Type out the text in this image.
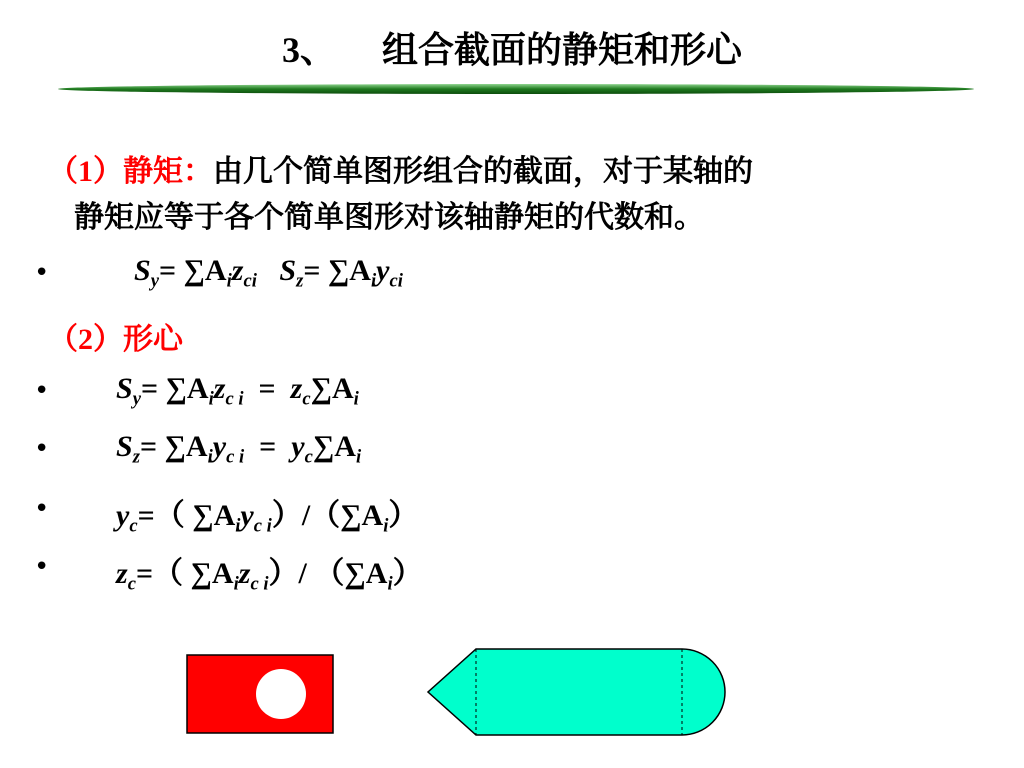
3、 组合截面的静矩和形心
（1）静矩：由几个简单图形组合的截面，对于某轴的
静矩应等于各个简单图形对该轴静矩的代数和。
•	$S_y= \sum A_iz_{ci}$ $S_z= \sum A_iy_{ci}$
（2）形心
• $S_y= \sum A_iz_{c i} = z_c\sum A_i$
• $S_z= \sum A_iy_{c i} = y_c\sum A_i$
• $y_c=$（ $\sum A_iy_{c i})/(\sum A_i)$
• $z_c=$（ $\sum A_iz_{c i})/$ $(\sum A_i)$
